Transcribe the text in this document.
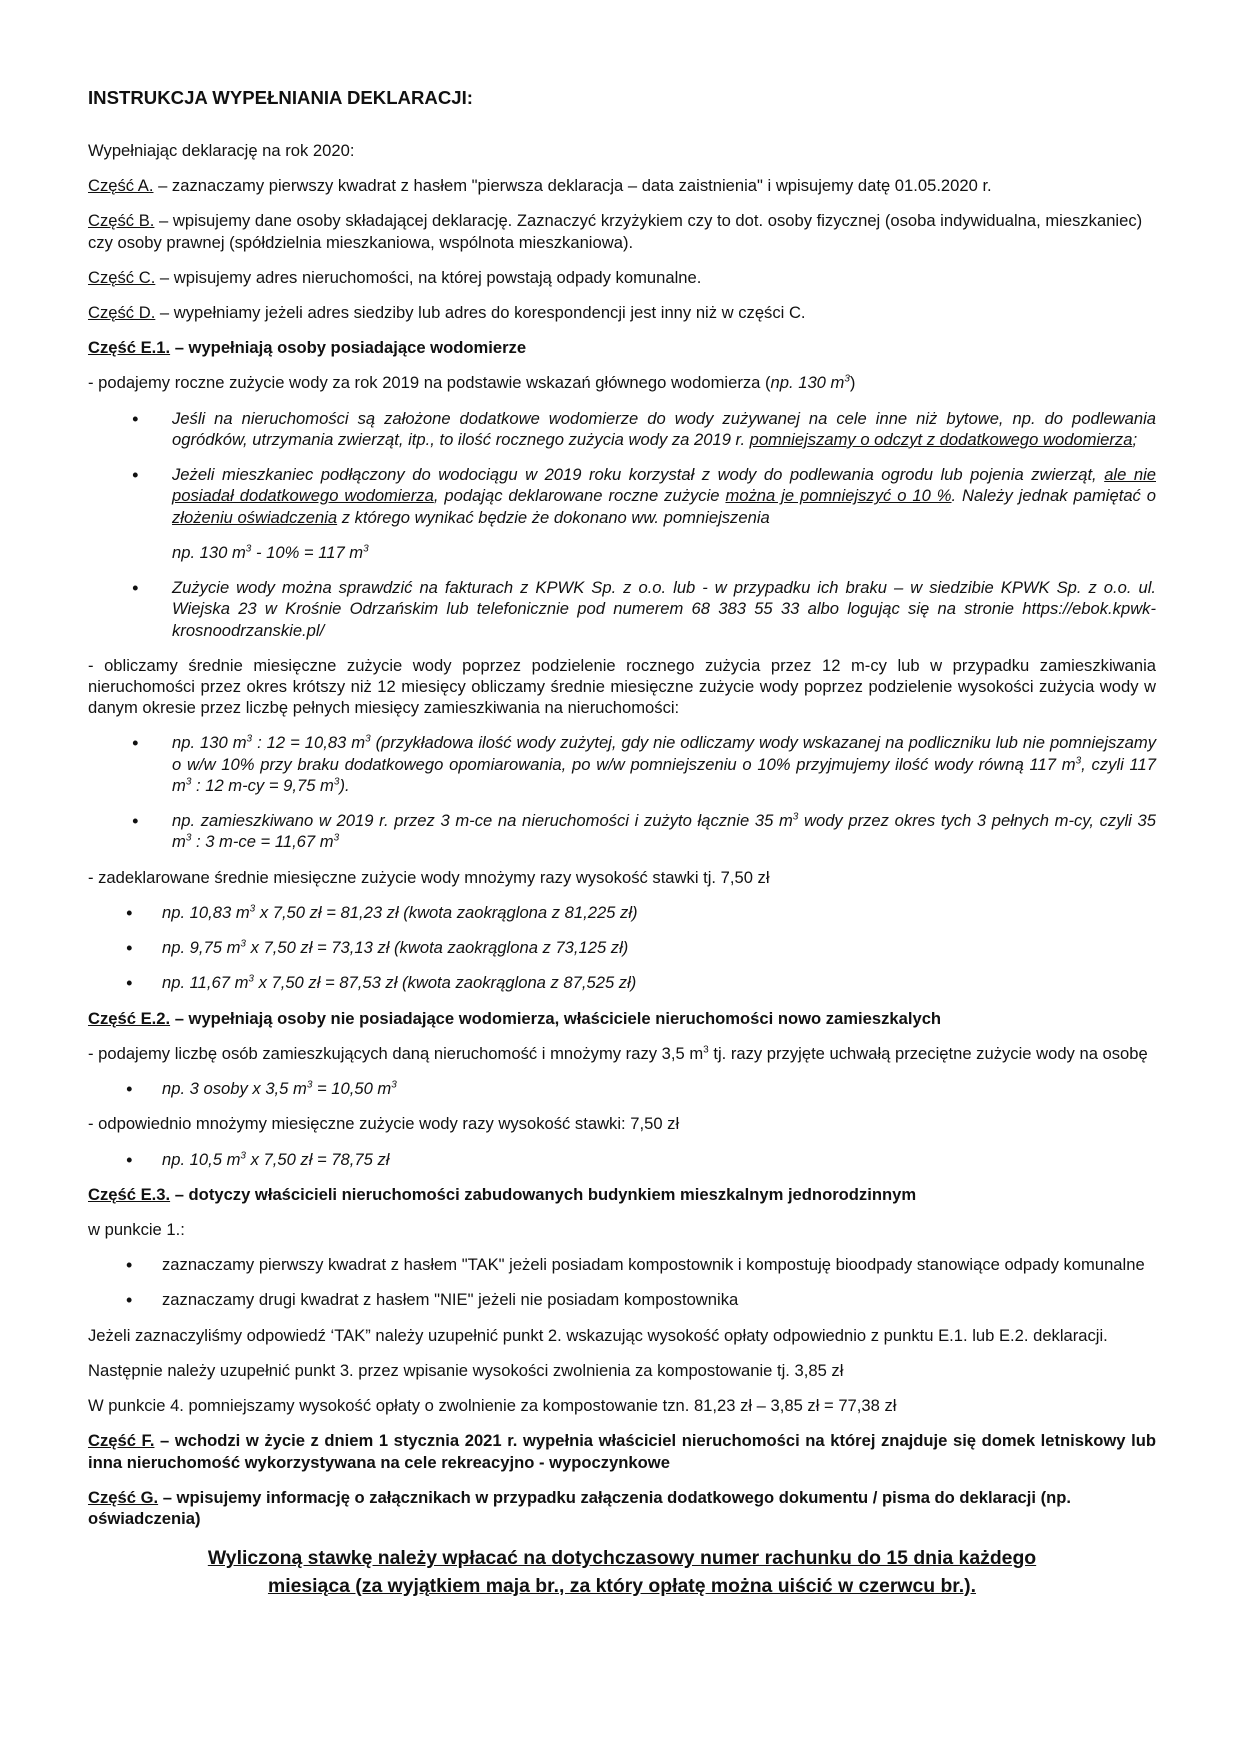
INSTRUKCJA WYPEŁNIANIA DEKLARACJI:

Wypełniając deklarację na rok 2020:

Część A. – zaznaczamy pierwszy kwadrat z hasłem "pierwsza deklaracja – data zaistnienia" i wpisujemy datę 01.05.2020 r.

Część B. – wpisujemy dane osoby składającej deklarację. Zaznaczyć krzyżykiem czy to dot. osoby fizycznej (osoba indywidualna, mieszkaniec) czy osoby prawnej (spółdzielnia mieszkaniowa, wspólnota mieszkaniowa).

Część C. – wpisujemy adres nieruchomości, na której powstają odpady komunalne.

Część D. – wypełniamy jeżeli adres siedziby lub adres do korespondencji jest inny niż w części C.

Część E.1. – wypełniają osoby posiadające wodomierze

- podajemy roczne zużycie wody za rok 2019 na podstawie wskazań głównego wodomierza (np. 130 $m^3$)

• Jeśli na nieruchomości są założone dodatkowe wodomierze do wody zużywanej na cele inne niż bytowe, np. do podlewania ogródków, utrzymania zwierząt, itp., to ilość rocznego zużycia wody za 2019 r. pomniejszamy o odczyt z dodatkowego wodomierza;
• Jeżeli mieszkaniec podłączony do wodociągu w 2019 roku korzystał z wody do podlewania ogrodu lub pojenia zwierząt, ale nie posiadał dodatkowego wodomierza, podając deklarowane roczne zużycie można je pomniejszyć o 10 %. Należy jednak pamiętać o złożeniu oświadczenia z którego wynikać będzie że dokonano ww. pomniejszenia
np. 130 $m^3 - 10\% = 117$ $m^3$
• Zużycie wody można sprawdzić na fakturach z KPWK Sp. z o.o. lub - w przypadku ich braku – w siedzibie KPWK Sp. z o.o. ul. Wiejska 23 w Krośnie Odrzańskim lub telefonicznie pod numerem 68 383 55 33 albo logując się na stronie https://ebok.kpwk-krosnoodrzanskie.pl/

- obliczamy średnie miesięczne zużycie wody poprzez podzielenie rocznego zużycia przez 12 m-cy lub w przypadku zamieszkiwania nieruchomości przez okres krótszy niż 12 miesięcy obliczamy średnie miesięczne zużycie wody poprzez podzielenie wysokości zużycia wody w danym okresie przez liczbę pełnych miesięcy zamieszkiwania na nieruchomości:

• np. 130 $m^3$ : 12 = 10,83 $m^3$ (przykładowa ilość wody zużytej, gdy nie odliczamy wody wskazanej na podliczniku lub nie pomniejszamy o w/w 10% przy braku dodatkowego opomiarowania, po w/w pomniejszeniu o 10% przyjmujemy ilość wody równą 117 $m^3$, czyli 117 $m^3$ : 12 m-cy = 9,75 $m^3$).
• np. zamieszkiwano w 2019 r. przez 3 m-ce na nieruchomości i zużyto łącznie 35 $m^3$ wody przez okres tych 3 pełnych m-cy, czyli 35 $m^3$ : 3 m-ce = 11,67 $m^3$

- zadeklarowane średnie miesięczne zużycie wody mnożymy razy wysokość stawki tj. 7,50 zł

• np. 10,83 $m^3$ x 7,50 zł = 81,23 zł (kwota zaokrąglona z 81,225 zł)
• np. 9,75 $m^3$ x 7,50 zł = 73,13 zł (kwota zaokrąglona z 73,125 zł)
• np. 11,67 $m^3$ x 7,50 zł = 87,53 zł (kwota zaokrąglona z 87,525 zł)

Część E.2. – wypełniają osoby nie posiadające wodomierza, właściciele nieruchomości nowo zamieszkalych

- podajemy liczbę osób zamieszkujących daną nieruchomość i mnożymy razy 3,5 $m^3$ tj. razy przyjęte uchwałą przeciętne zużycie wody na osobę

• np. 3 osoby x 3,5 $m^3 = 10,50$ $m^3$

- odpowiednio mnożymy miesięczne zużycie wody razy wysokość stawki: 7,50 zł

• np. 10,5 $m^3$ x 7,50 zł = 78,75 zł

Część E.3. – dotyczy właścicieli nieruchomości zabudowanych budynkiem mieszkalnym jednorodzinnym

w punkcie 1.:

• zaznaczamy pierwszy kwadrat z hasłem "TAK" jeżeli posiadam kompostownik i kompostuję bioodpady stanowiące odpady komunalne
• zaznaczamy drugi kwadrat z hasłem "NIE" jeżeli nie posiadam kompostownika

Jeżeli zaznaczyliśmy odpowiedź ‘TAK” należy uzupełnić punkt 2. wskazując wysokość opłaty odpowiednio z punktu E.1. lub E.2. deklaracji.

Następnie należy uzupełnić punkt 3. przez wpisanie wysokości zwolnienia za kompostowanie tj. 3,85 zł

W punkcie 4. pomniejszamy wysokość opłaty o zwolnienie za kompostowanie tzn. 81,23 zł – 3,85 zł = 77,38 zł

Część F. – wchodzi w życie z dniem 1 stycznia 2021 r. wypełnia właściciel nieruchomości na której znajduje się domek letniskowy lub inna nieruchomość wykorzystywana na cele rekreacyjno - wypoczynkowe

Część G. – wpisujemy informację o załącznikach w przypadku załączenia dodatkowego dokumentu / pisma do deklaracji (np. oświadczenia)

Wyliczoną stawkę należy wpłacać na dotychczasowy numer rachunku do 15 dnia każdego
miesiąca (za wyjątkiem maja br., za który opłatę można uiścić w czerwcu br.).
